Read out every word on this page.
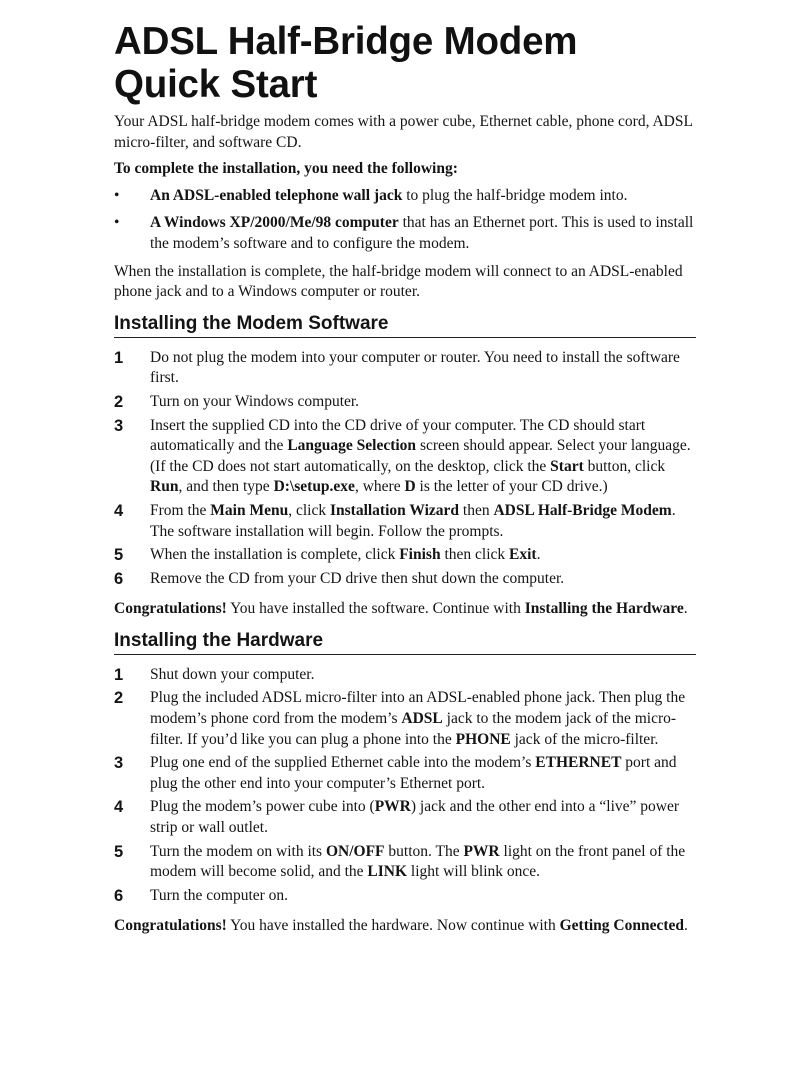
ADSL Half-Bridge Modem
Quick Start

Your ADSL half-bridge modem comes with a power cube, Ethernet cable, phone cord, ADSL micro-filter, and software CD.

To complete the installation, you need the following:

• An ADSL-enabled telephone wall jack to plug the half-bridge modem into.
• A Windows XP/2000/Me/98 computer that has an Ethernet port. This is used to install the modem’s software and to configure the modem.

When the installation is complete, the half-bridge modem will connect to an ADSL-enabled phone jack and to a Windows computer or router.

Installing the Modem Software
1 Do not plug the modem into your computer or router. You need to install the software first.
2 Turn on your Windows computer.
3 Insert the supplied CD into the CD drive of your computer. The CD should start automatically and the Language Selection screen should appear. Select your language. (If the CD does not start automatically, on the desktop, click the Start button, click Run, and then type D:\setup.exe, where D is the letter of your CD drive.)
4 From the Main Menu, click Installation Wizard then ADSL Half-Bridge Modem. The software installation will begin. Follow the prompts.
5 When the installation is complete, click Finish then click Exit.
6 Remove the CD from your CD drive then shut down the computer.

Congratulations! You have installed the software. Continue with Installing the Hardware.

Installing the Hardware
1 Shut down your computer.
2 Plug the included ADSL micro-filter into an ADSL-enabled phone jack. Then plug the modem’s phone cord from the modem’s ADSL jack to the modem jack of the micro-filter. If you’d like you can plug a phone into the PHONE jack of the micro-filter.
3 Plug one end of the supplied Ethernet cable into the modem’s ETHERNET port and plug the other end into your computer’s Ethernet port.
4 Plug the modem’s power cube into (PWR) jack and the other end into a “live” power strip or wall outlet.
5 Turn the modem on with its ON/OFF button. The PWR light on the front panel of the modem will become solid, and the LINK light will blink once.
6 Turn the computer on.

Congratulations! You have installed the hardware. Now continue with Getting Connected.
